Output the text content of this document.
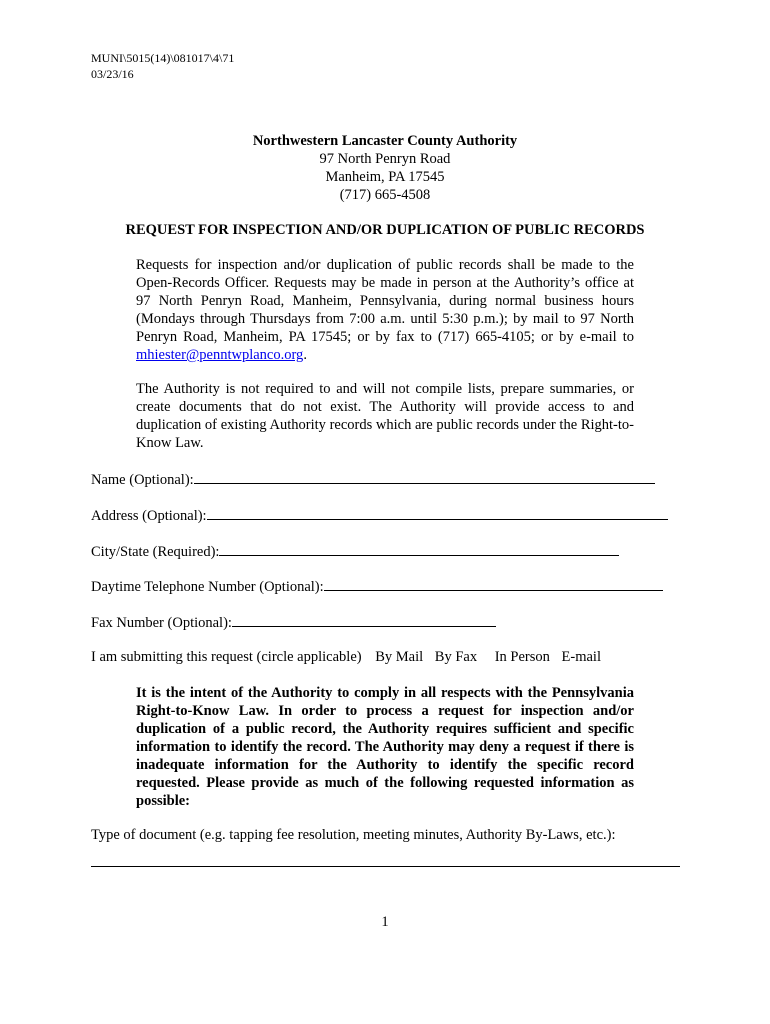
MUNI\5015(14)\081017\4\71
03/23/16
Northwestern Lancaster County Authority
97 North Penryn Road
Manheim, PA 17545
(717) 665-4508
REQUEST FOR INSPECTION AND/OR DUPLICATION OF PUBLIC RECORDS

Requests for inspection and/or duplication of public records shall be made to the Open-Records Officer. Requests may be made in person at the Authority’s office at 97 North Penryn Road, Manheim, Pennsylvania, during normal business hours (Mondays through Thursdays from 7:00 a.m. until 5:30 p.m.); by mail to 97 North Penryn Road, Manheim, PA 17545; or by fax to (717) 665-4105; or by e-mail to mhiester@penntwplanco.org.

The Authority is not required to and will not compile lists, prepare summaries, or create documents that do not exist. The Authority will provide access to and duplication of existing Authority records which are public records under the Right-to-Know Law.

Name (Optional):
Address (Optional):
City/State (Required):
Daytime Telephone Number (Optional):
Fax Number (Optional):
I am submitting this request (circle applicable) By Mail By Fax In Person E-mail
It is the intent of the Authority to comply in all respects with the Pennsylvania Right-to-Know Law. In order to process a request for inspection and/or duplication of a public record, the Authority requires sufficient and specific information to identify the record. The Authority may deny a request if there is inadequate information for the Authority to identify the specific record requested. Please provide as much of the following requested information as possible:
Type of document (e.g. tapping fee resolution, meeting minutes, Authority By-Laws, etc.):
1
